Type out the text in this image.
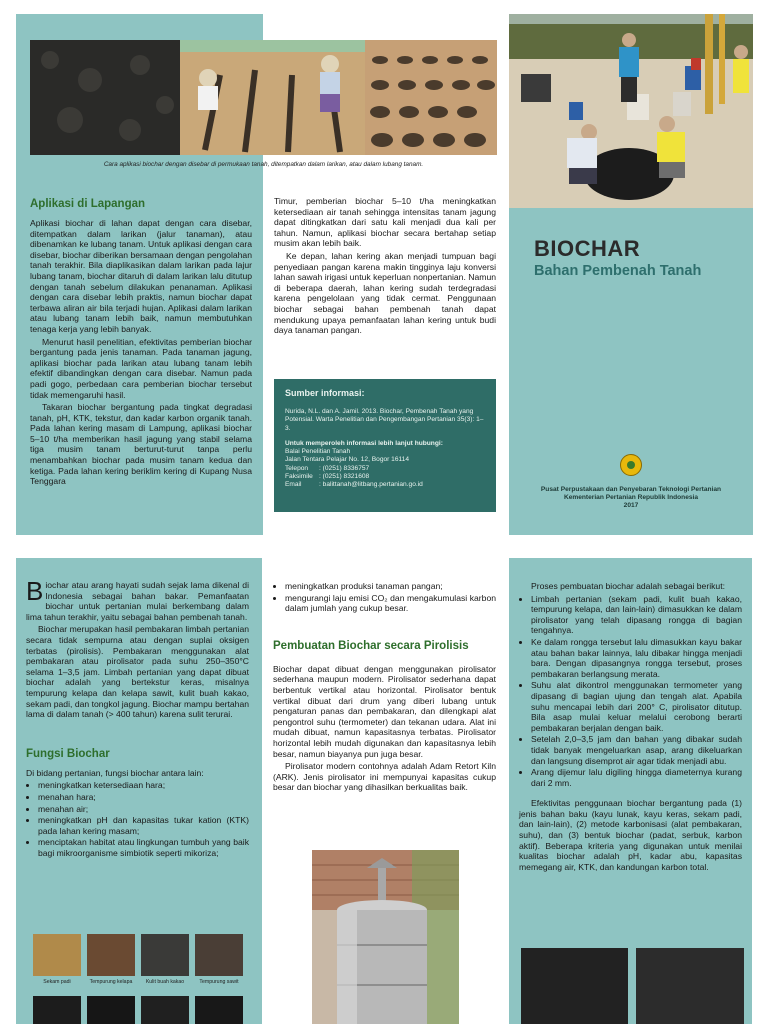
Cara aplikasi biochar dengan disebar di permukaan tanah, ditempatkan dalam larikan, atau dalam lubang tanam.
Aplikasi di Lapangan

Aplikasi biochar di lahan dapat dengan cara disebar, ditempatkan dalam larikan (jalur tanaman), atau dibenamkan ke lubang tanam. Untuk aplikasi dengan cara disebar, biochar diberikan bersamaan dengan pengolahan tanah terakhir. Bila diaplikasikan dalam larikan pada lajur lubang tanam, biochar ditaruh di dalam larikan lalu ditutup dengan tanah sebelum dilakukan penanaman. Aplikasi dengan cara disebar lebih praktis, namun biochar dapat terbawa aliran air bila terjadi hujan. Aplikasi dalam larikan atau lubang tanam lebih baik, namun membutuhkan tenaga kerja yang lebih banyak.

Menurut hasil penelitian, efektivitas pemberian biochar bergantung pada jenis tanaman. Pada tanaman jagung, aplikasi biochar pada larikan atau lubang tanam lebih efektif dibandingkan dengan cara disebar. Namun pada padi gogo, perbedaan cara pemberian biochar tersebut tidak memengaruhi hasil.

Takaran biochar bergantung pada tingkat degradasi tanah, pH, KTK, tekstur, dan kadar karbon organik tanah. Pada lahan kering masam di Lampung, aplikasi biochar 5–10 t/ha memberikan hasil jagung yang stabil selama tiga musim tanam berturut-turut tanpa perlu menambahkan biochar pada musim tanam kedua dan ketiga. Pada lahan kering beriklim kering di Kupang Nusa Tenggara

Timur, pemberian biochar 5–10 t/ha meningkatkan ketersediaan air tanah sehingga intensitas tanam jagung dapat ditingkatkan dari satu kali menjadi dua kali per tahun. Namun, aplikasi biochar secara bertahap setiap musim akan lebih baik.

Ke depan, lahan kering akan menjadi tumpuan bagi penyediaan pangan karena makin tingginya laju konversi lahan sawah irigasi untuk keperluan nonpertanian. Namun di beberapa daerah, lahan kering sudah terdegradasi karena pengelolaan yang tidak cermat. Penggunaan biochar sebagai bahan pembenah tanah dapat mendukung upaya pemanfaatan lahan kering untuk budi daya tanaman pangan.

Sumber informasi:
Nurida, N.L. dan A. Jamil. 2013. Biochar, Pembenah Tanah yang Potensial. Warta Penelitian dan Pengembangan Pertanian 35(3): 1–3.
Untuk memperoleh informasi lebih lanjut hubungi:
Balai Penelitian Tanah
Jalan Tentara Pelajar No. 12, Bogor 16114
Telepon : (0251) 8336757
Faksimile : (0251) 8321608
Email	: balittanah@litbang.pertanian.go.id
BIOCHAR
Bahan Pembenah Tanah
Pusat Perpustakaan dan Penyebaran Teknologi Pertanian
Kementerian Pertanian Republik Indonesia
2017

Biochar atau arang hayati sudah sejak lama dikenal di Indonesia sebagai bahan bakar. Pemanfaatan biochar untuk pertanian mulai berkembang dalam lima tahun terakhir, yaitu sebagai bahan pembenah tanah.

Biochar merupakan hasil pembakaran limbah pertanian secara tidak sempurna atau dengan suplai oksigen terbatas (pirolisis). Pembakaran menggunakan alat pembakaran atau pirolisator pada suhu 250–350°C selama 1–3,5 jam. Limbah pertanian yang dapat dibuat biochar adalah yang bertekstur keras, misalnya tempurung kelapa dan kelapa sawit, kulit buah kakao, sekam padi, dan tongkol jagung. Biochar mampu bertahan lama di dalam tanah (> 400 tahun) karena sulit terurai.

Fungsi Biochar

Di bidang pertanian, fungsi biochar antara lain:

• meningkatkan ketersediaan hara;
• menahan hara;
• menahan air;
• meningkatkan pH dan kapasitas tukar kation (KTK) pada lahan kering masam;
• menciptakan habitat atau lingkungan tumbuh yang baik bagi mikroorganisme simbiotik seperti mikoriza;
Sekam padi	Tempurung kelapa	Kulit buah kakao	Tempurung sawit
• meningkatkan produksi tanaman pangan;
• mengurangi laju emisi CO₂ dan mengakumulasi karbon dalam jumlah yang cukup besar.
Pembuatan Biochar secara Pirolisis

Biochar dapat dibuat dengan menggunakan pirolisator sederhana maupun modern. Pirolisator sederhana dapat berbentuk vertikal atau horizontal. Pirolisator bentuk vertikal dibuat dari drum yang diberi lubang untuk pengaturan panas dan pembakaran, dan dilengkapi alat pengontrol suhu (termometer) dan tekanan udara. Alat ini mudah dibuat, namun kapasitasnya terbatas. Pirolisator horizontal lebih mudah digunakan dan kapasitasnya lebih besar, namun biayanya pun juga besar.

Pirolisator modern contohnya adalah Adam Retort Kiln (ARK). Jenis pirolisator ini mempunyai kapasitas cukup besar dan biochar yang dihasilkan berkualitas baik.

Proses pembuatan biochar adalah sebagai berikut:

• Limbah pertanian (sekam padi, kulit buah kakao, tempurung kelapa, dan lain-lain) dimasukkan ke dalam pirolisator yang telah dipasang rongga di bagian tengahnya.
• Ke dalam rongga tersebut lalu dimasukkan kayu bakar atau bahan bakar lainnya, lalu dibakar hingga menjadi bara. Dengan dipasangnya rongga tersebut, proses pembakaran berlangsung merata.
• Suhu alat dikontrol menggunakan termometer yang dipasang di bagian ujung dan tengah alat. Apabila suhu mencapai lebih dari 200° C, pirolisator ditutup. Bila asap mulai keluar melalui cerobong berarti pembakaran berjalan dengan baik.
• Setelah 2,0–3,5 jam dan bahan yang dibakar sudah tidak banyak mengeluarkan asap, arang dikeluarkan dan langsung disemprot air agar tidak menjadi abu.
• Arang dijemur lalu digiling hingga diameternya kurang dari 2 mm.

Efektivitas penggunaan biochar bergantung pada (1) jenis bahan baku (kayu lunak, kayu keras, sekam padi, dan lain-lain), (2) metode karbonisasi (alat pembakaran, suhu), dan (3) bentuk biochar (padat, serbuk, karbon aktif). Beberapa kriteria yang digunakan untuk menilai kualitas biochar adalah pH, kadar abu, kapasitas memegang air, KTK, dan kandungan karbon total.
